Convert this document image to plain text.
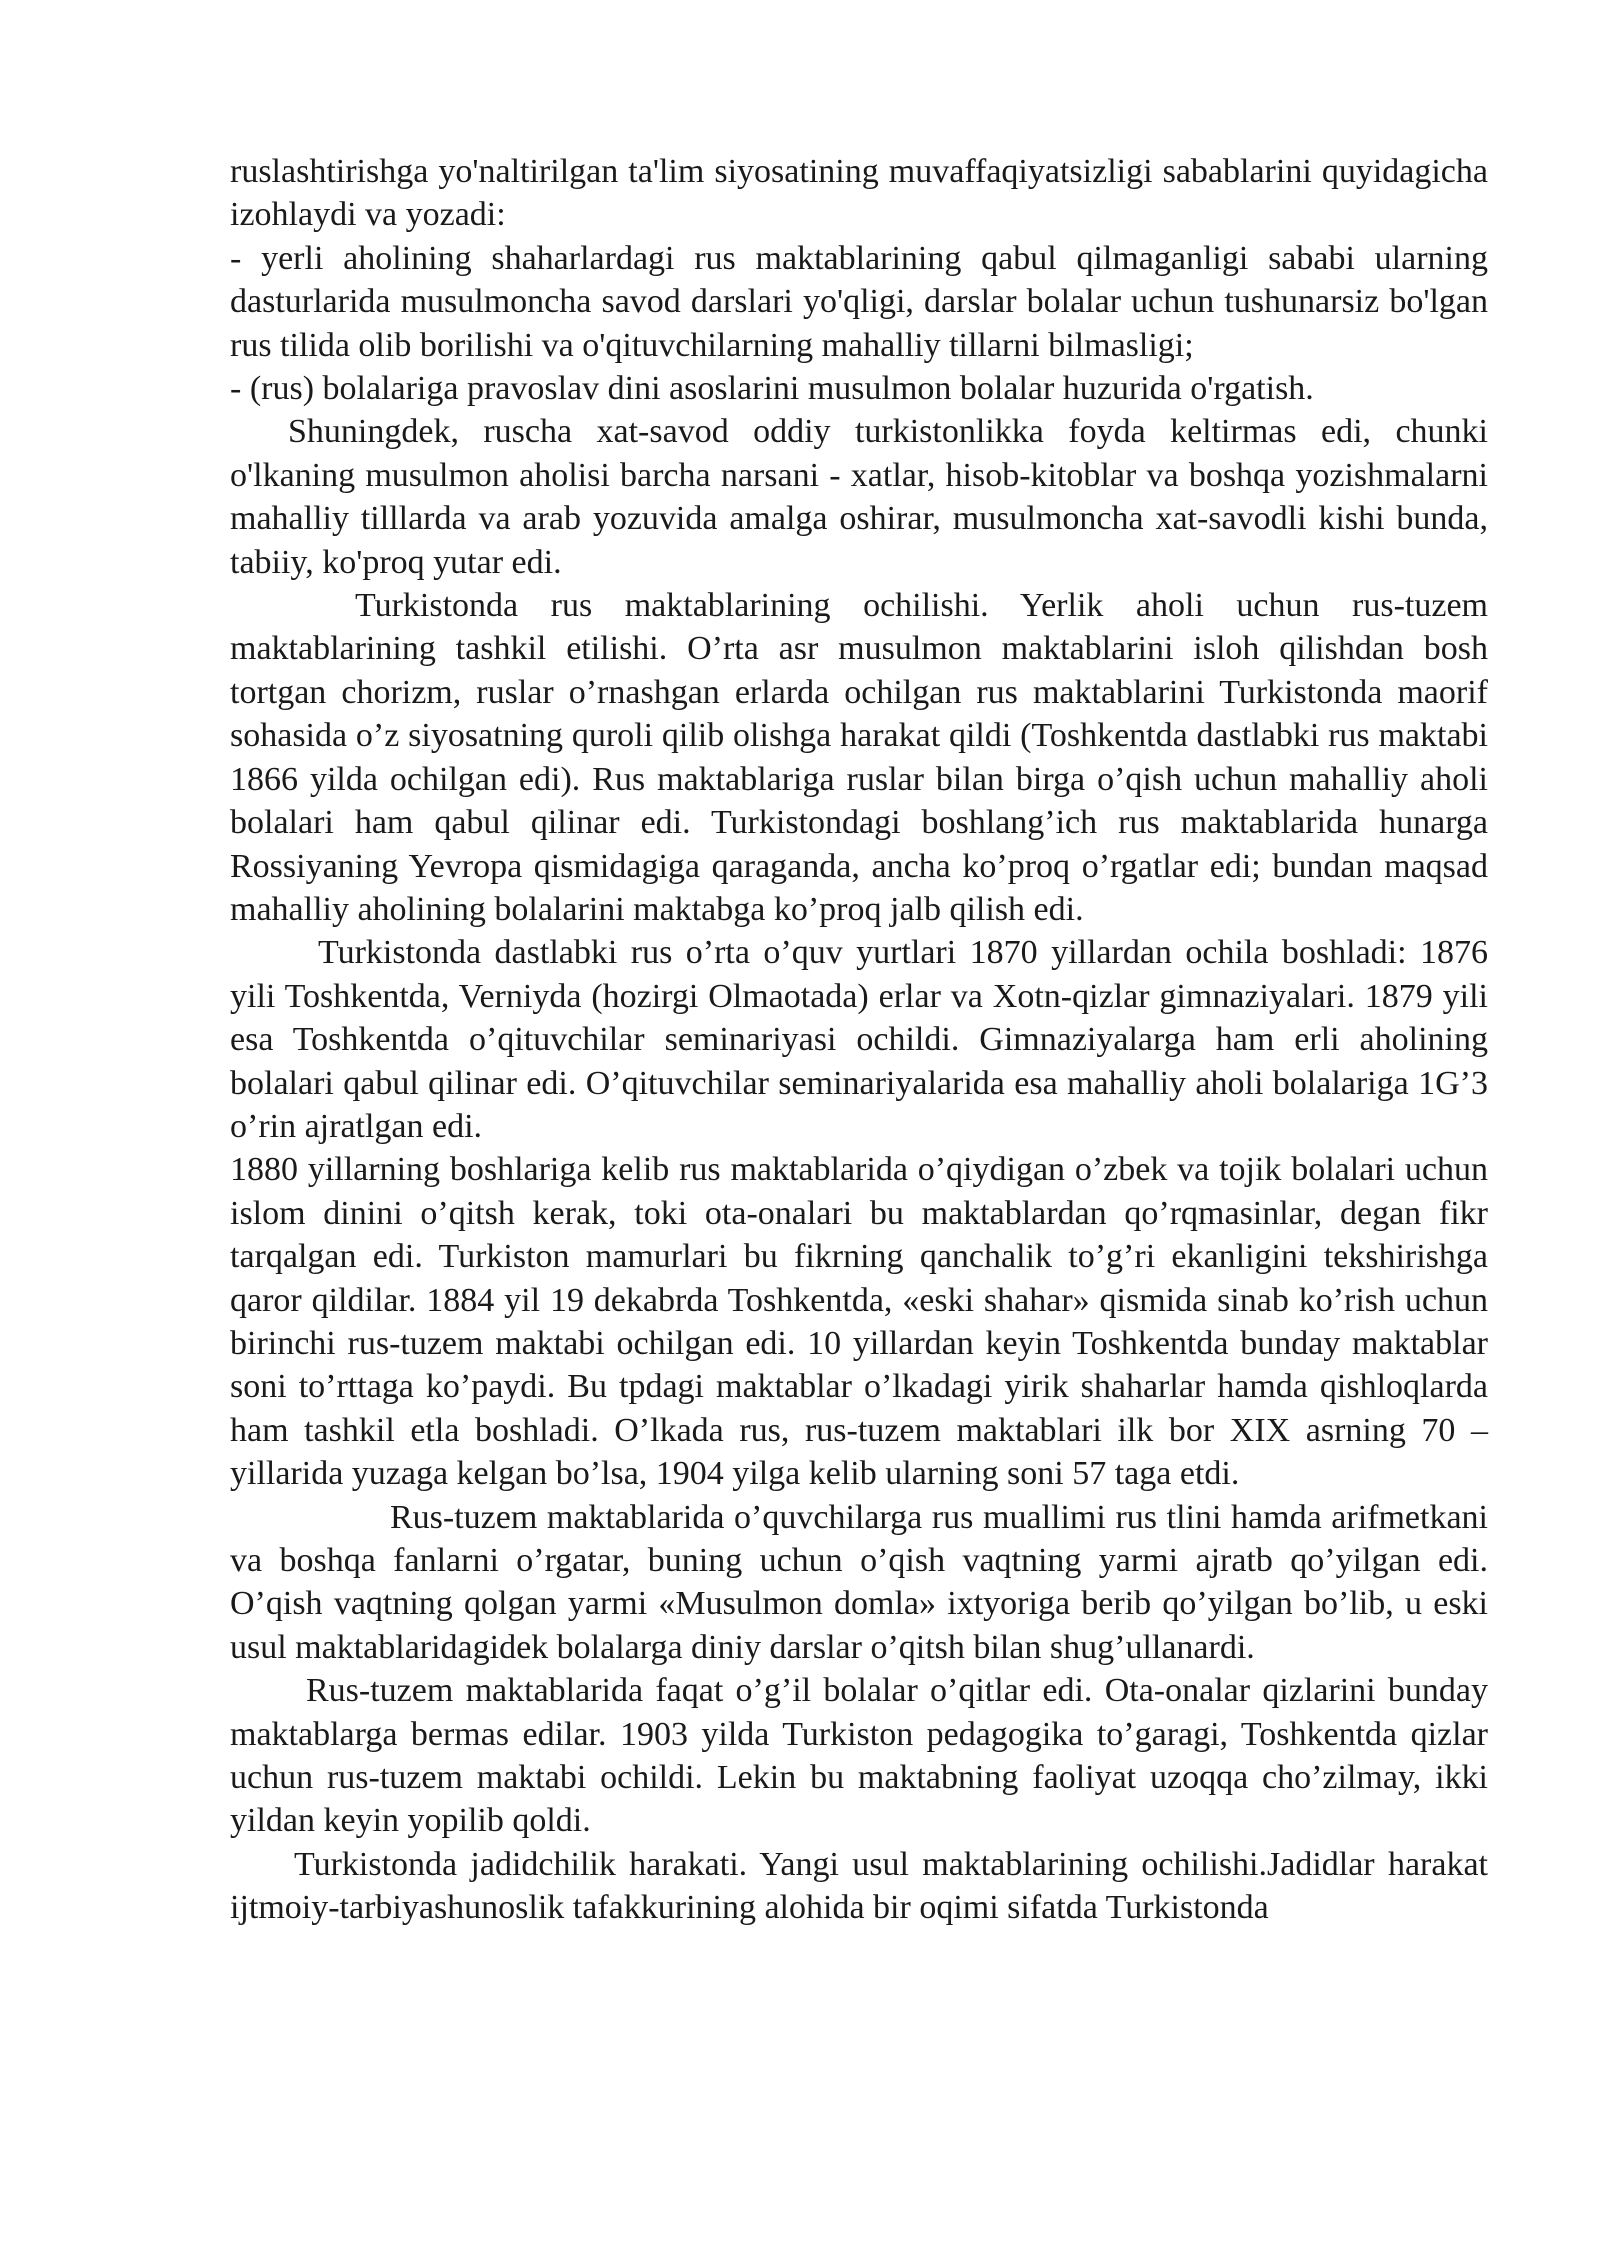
ruslashtirishga yo'naltirilgan ta'lim siyosatining muvaffaqiyatsizligi sabablarini quyidagicha izohlaydi va yozadi:

- yerli aholining shaharlardagi rus maktablarining qabul qilmaganligi sababi ularning dasturlarida musulmoncha savod darslari yo'qligi, darslar bolalar uchun tushunarsiz bo'lgan rus tilida olib borilishi va o'qituvchilarning mahalliy tillarni bilmasligi;

- (rus) bolalariga pravoslav dini asoslarini musulmon bolalar huzurida o'rgatish.

Shuningdek, ruscha xat-savod oddiy turkistonlikka foyda keltirmas edi, chunki o'lkaning musulmon aholisi barcha narsani - xatlar, hisob-kitoblar va boshqa yozishmalarni mahalliy tilllarda va arab yozuvida amalga oshirar, musulmoncha xat-savodli kishi bunda, tabiiy, ko'proq yutar edi.

Turkistonda rus maktablarining ochilishi. Yerlik aholi uchun rus-tuzem maktablarining tashkil etilishi. O’rta asr musulmon maktablarini isloh qilishdan bosh tortgan chorizm, ruslar o’rnashgan erlarda ochilgan rus maktablarini Turkistonda maorif sohasida o’z siyosatning quroli qilib olishga harakat qildi (Toshkentda dastlabki rus maktabi 1866 yilda ochilgan edi). Rus maktablariga ruslar bilan birga o’qish uchun mahalliy aholi bolalari ham qabul qilinar edi. Turkistondagi boshlang’ich rus maktablarida hunarga Rossiyaning Yevropa qismidagiga qaraganda, ancha ko’proq o’rgatlar edi; bundan maqsad mahalliy aholining bolalarini maktabga ko’proq jalb qilish edi.

Turkistonda dastlabki rus o’rta o’quv yurtlari 1870 yillardan ochila boshladi: 1876 yili Toshkentda, Verniyda (hozirgi Olmaotada) erlar va Xotn-qizlar gimnaziyalari. 1879 yili esa Toshkentda o’qituvchilar seminariyasi ochildi. Gimnaziyalarga ham erli aholining bolalari qabul qilinar edi. O’qituvchilar seminariyalarida esa mahalliy aholi bolalariga 1G’3 o’rin ajratlgan edi.

1880 yillarning boshlariga kelib rus maktablarida o’qiydigan o’zbek va tojik bolalari uchun islom dinini o’qitsh kerak, toki ota-onalari bu maktablardan qo’rqmasinlar, degan fikr tarqalgan edi. Turkiston mamurlari bu fikrning qanchalik to’g’ri ekanligini tekshirishga qaror qildilar. 1884 yil 19 dekabrda Toshkentda, «eski shahar» qismida sinab ko’rish uchun birinchi rus-tuzem maktabi ochilgan edi. 10 yillardan keyin Toshkentda bunday maktablar soni to’rttaga ko’paydi. Bu tpdagi maktablar o’lkadagi yirik shaharlar hamda qishloqlarda ham tashkil etla boshladi. O’lkada rus, rus-tuzem maktablari ilk bor XIX asrning 70 – yillarida yuzaga kelgan bo’lsa, 1904 yilga kelib ularning soni 57 taga etdi.

Rus-tuzem maktablarida o’quvchilarga rus muallimi rus tlini hamda arifmetkani va boshqa fanlarni o’rgatar, buning uchun o’qish vaqtning yarmi ajratb qo’yilgan edi. O’qish vaqtning qolgan yarmi «Musulmon domla» ixtyoriga berib qo’yilgan bo’lib, u eski usul maktablaridagidek bolalarga diniy darslar o’qitsh bilan shug’ullanardi.

Rus-tuzem maktablarida faqat o’g’il bolalar o’qitlar edi. Ota-onalar qizlarini bunday maktablarga bermas edilar. 1903 yilda Turkiston pedagogika to’garagi, Toshkentda qizlar uchun rus-tuzem maktabi ochildi. Lekin bu maktabning faoliyat uzoqqa cho’zilmay, ikki yildan keyin yopilib qoldi.

Turkistonda jadidchilik harakati. Yangi usul maktablarining ochilishi.Jadidlar harakat ijtmoiy-tarbiyashunoslik tafakkurining alohida bir oqimi sifatda Turkistonda
